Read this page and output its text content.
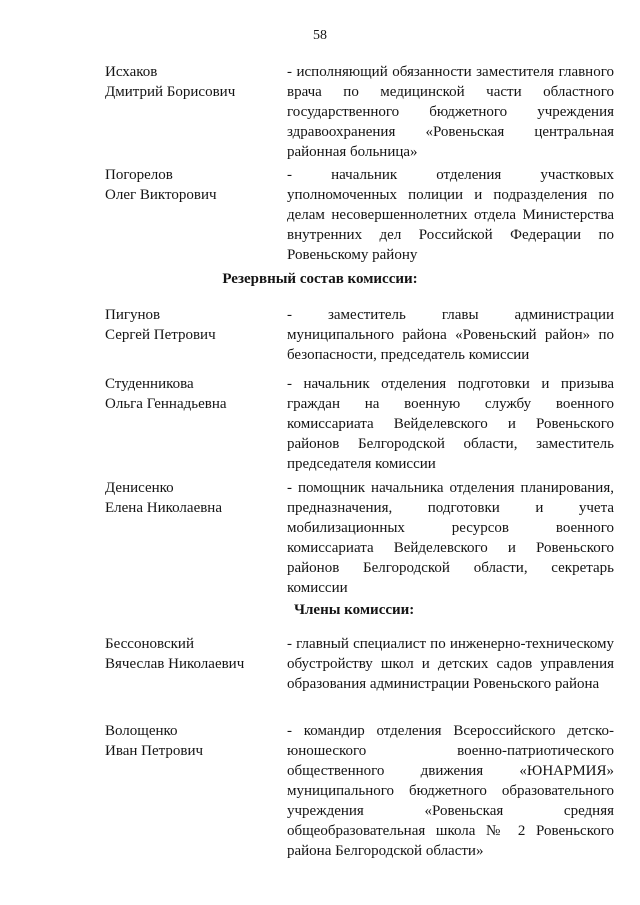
58
Исхаков
Дмитрий Борисович
- исполняющий обязанности заместителя главного врача по медицинской части областного государственного бюджетного учреждения здравоохранения «Ровеньская центральная районная больница»
Погорелов
Олег Викторович
- начальник отделения участковых уполномоченных полиции и подразделения по делам несовершеннолетних отдела Министерства внутренних дел Российской Федерации по Ровеньскому району
Резервный состав комиссии:
Пигунов
Сергей Петрович
- заместитель главы администрации муниципального района «Ровеньский район» по безопасности, председатель комиссии
Студенникова
Ольга Геннадьевна
- начальник отделения подготовки и призыва граждан на военную службу военного комиссариата Вейделевского и Ровеньского районов Белгородской области, заместитель председателя комиссии
Денисенко
Елена Николаевна
- помощник начальника отделения планирования, предназначения, подготовки и учета мобилизационных ресурсов военного комиссариата Вейделевского и Ровеньского районов Белгородской области, секретарь комиссии
Члены комиссии:
Бессоновский
Вячеслав Николаевич
- главный специалист по инженерно-техническому обустройству школ и детских садов управления образования администрации Ровеньского района
Волощенко
Иван Петрович
- командир отделения Всероссийского детско-юношеского военно-патриотического общественного движения «ЮНАРМИЯ» муниципального бюджетного образовательного учреждения «Ровеньская средняя общеобразовательная школа № 2 Ровеньского района Белгородской области»
